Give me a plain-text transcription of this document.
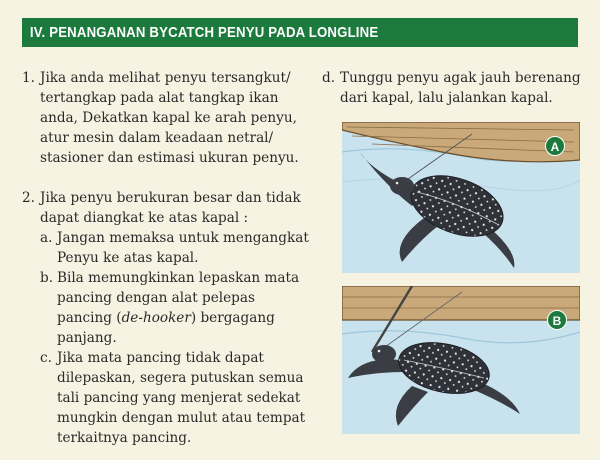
IV. PENANGANAN BYCATCH PENYU PADA LONGLINE
1. Jika anda melihat penyu tersangkut/ tertangkap pada alat tangkap ikan anda, Dekatkan kapal ke arah penyu, atur mesin dalam keadaan netral/ stasioner dan estimasi ukuran penyu.
2. Jika penyu berukuran besar dan tidak dapat diangkat ke atas kapal :
a. Jangan memaksa untuk mengangkat Penyu ke atas kapal.
b. Bila memungkinkan lepaskan mata pancing dengan alat pelepas pancing (de-hooker) bergagang panjang.
c. Jika mata pancing tidak dapat dilepaskan, segera putuskan semua tali pancing yang menjerat sedekat mungkin dengan mulut atau tempat terkaitnya pancing.
d. Tunggu penyu agak jauh berenang dari kapal, lalu jalankan kapal.
A
B
